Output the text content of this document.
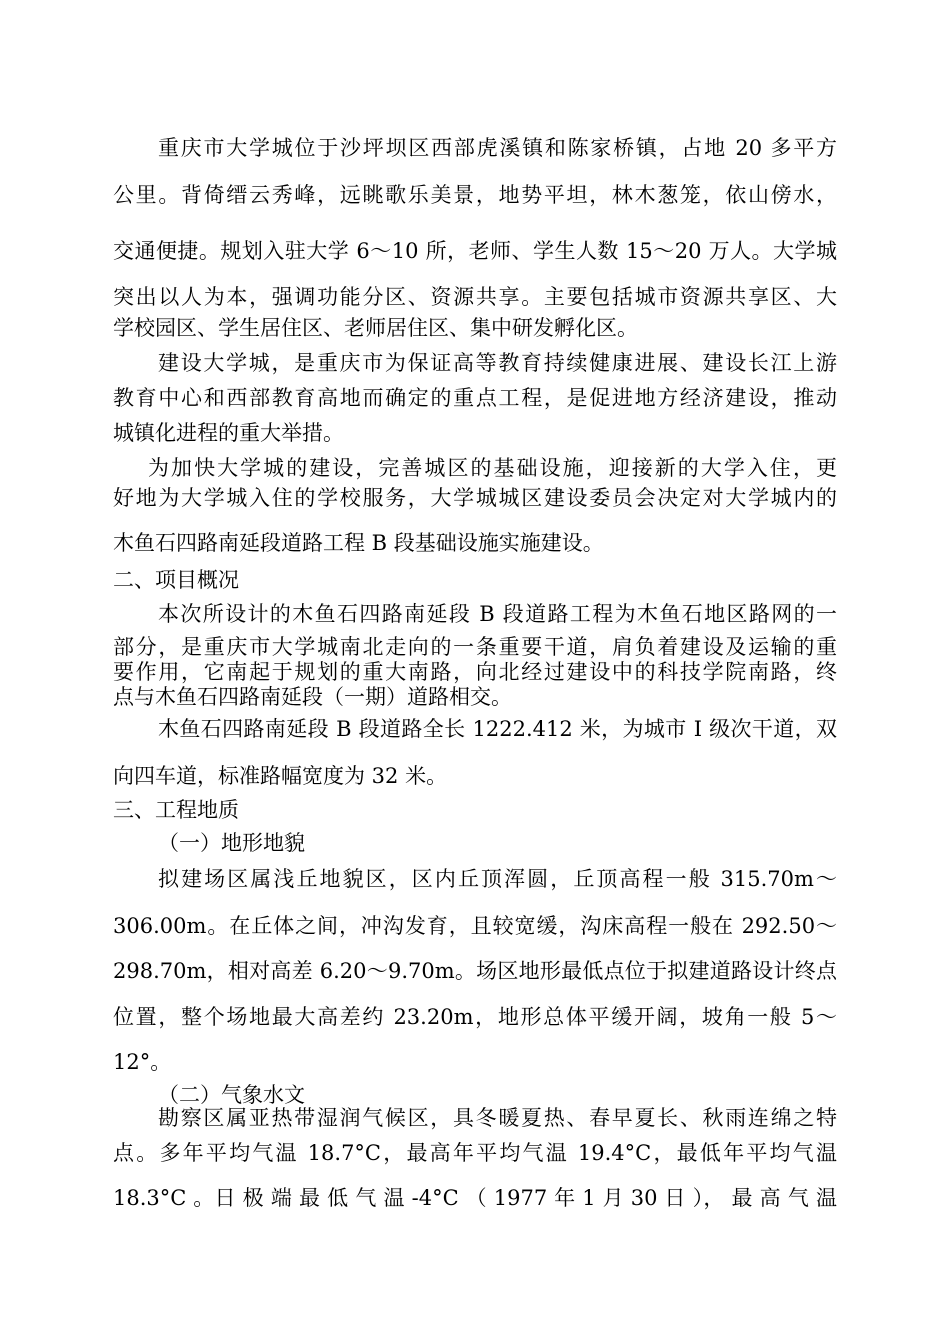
重庆市大学城位于沙坪坝区西部虎溪镇和陈家桥镇，占地 20 多平方
公里。背倚缙云秀峰，远眺歌乐美景，地势平坦，林木葱笼，依山傍水，
交通便捷。规划入驻大学 6～10 所，老师、学生人数 15～20 万人。大学城
突出以人为本，强调功能分区、资源共享。主要包括城市资源共享区、大
学校园区、学生居住区、老师居住区、集中研发孵化区。
建设大学城，是重庆市为保证高等教育持续健康进展、建设长江上游
教育中心和西部教育高地而确定的重点工程，是促进地方经济建设，推动
城镇化进程的重大举措。
为加快大学城的建设，完善城区的基础设施，迎接新的大学入住，更
好地为大学城入住的学校服务，大学城城区建设委员会决定对大学城内的
木鱼石四路南延段道路工程 B 段基础设施实施建设。
二、项目概况
本次所设计的木鱼石四路南延段 B 段道路工程为木鱼石地区路网的一
部分，是重庆市大学城南北走向的一条重要干道，肩负着建设及运输的重
要作用，它南起于规划的重大南路，向北经过建设中的科技学院南路，终
点与木鱼石四路南延段（一期）道路相交。
木鱼石四路南延段 B 段道路全长 1222.412 米，为城市 I 级次干道，双
向四车道，标准路幅宽度为 32 米。
三、工程地质
（一）地形地貌
拟建场区属浅丘地貌区，区内丘顶浑圆，丘顶高程一般 315.70m～
306.00m。在丘体之间，冲沟发育，且较宽缓，沟床高程一般在 292.50～
298.70m，相对高差 6.20～9.70m。场区地形最低点位于拟建道路设计终点
位置，整个场地最大高差约 23.20m，地形总体平缓开阔，坡角一般 5～
12°。
（二）气象水文
勘察区属亚热带湿润气候区，具冬暖夏热、春早夏长、秋雨连绵之特
点。多年平均气温 18.7°C，最高年平均气温 19.4°C，最低年平均气温
18.3°C 。日 极 端 最 低 气 温 -4°C （ 1977 年 1 月 30 日 ）， 最 高 气 温
